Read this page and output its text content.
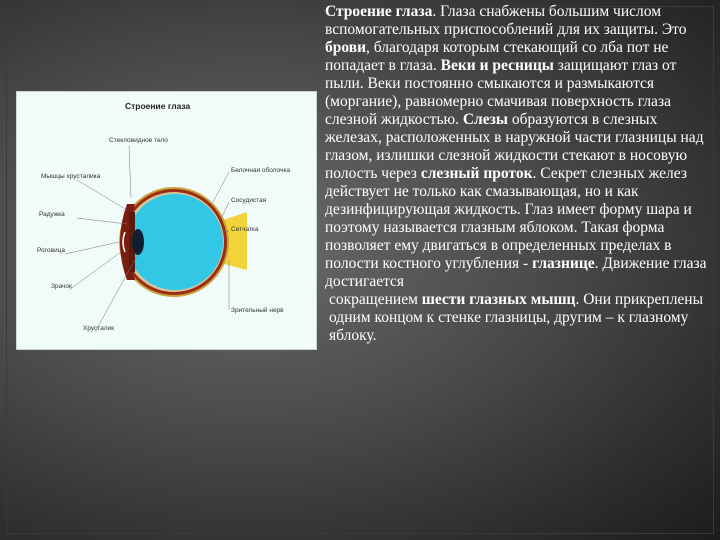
Строение глаза
Стекловидное тело
Мышцы хрусталика
Радужка
Роговица
Зрачок
Хрусталик
Белочная оболочка
Сосудистая
Сетчатка
Зрительный нерв
Строение глаза. Глаза снабжены большим числом вспомогательных приспособлений для их защиты. Это брови, благодаря которым стекающий со лба пот не попадает в глаза. Веки и ресницы защищают глаз от пыли. Веки постоянно смыкаются и размыкаются (моргание), равномерно смачивая поверхность глаза слезной жидкостью. Слезы образуются в слезных железах, расположенных в наружной части глазницы над глазом, излишки слезной жидкости стекают в носовую полость через слезный проток. Секрет слезных желез действует не только как смазывающая, но и как дезинфицирующая жидкость. Глаз имеет форму шара и поэтому называется глазным яблоком. Такая форма позволяет ему двигаться в определенных пределах в полости костного углубления - глазнице. Движение глаза достигается
сокращением шести глазных мышц. Они прикреплены одним концом к стенке глазницы, другим – к глазному яблоку.
